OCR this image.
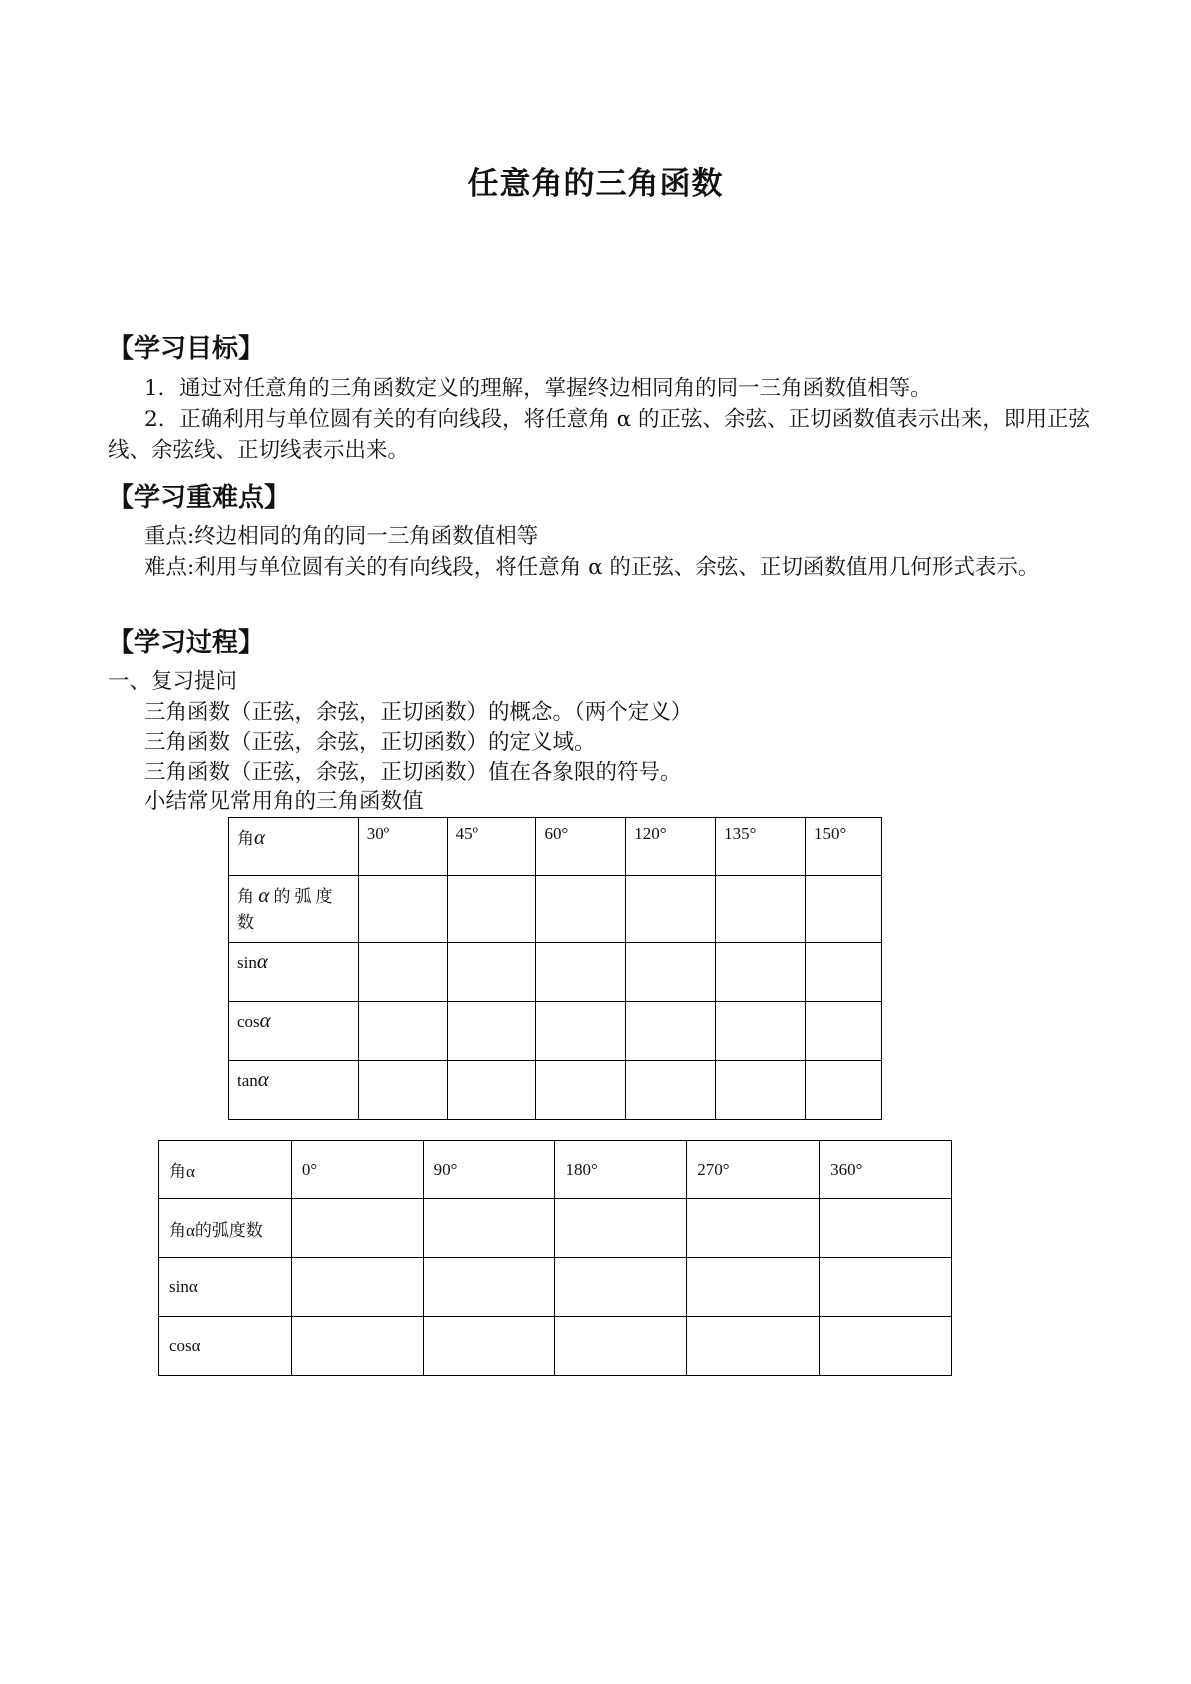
任意角的三角函数
【学习目标】
1．通过对任意角的三角函数定义的理解，掌握终边相同角的同一三角函数值相等。
2．正确利用与单位圆有关的有向线段，将任意角 α 的正弦、余弦、正切函数值表示出来，即用正弦线、余弦线、正切线表示出来。
【学习重难点】
重点:终边相同的角的同一三角函数值相等
难点:利用与单位圆有关的有向线段，将任意角 α 的正弦、余弦、正切函数值用几何形式表示。
【学习过程】
一、复习提问
三角函数（正弦，余弦，正切函数）的概念。（两个定义）
三角函数（正弦，余弦，正切函数）的定义域。
三角函数（正弦，余弦，正切函数）值在各象限的符号。
小结常见常用角的三角函数值
角α	30º	45º	60°	120°	135°	150°
角 α 的弧度数						
sinα						
cosα						
tanα						
角α	0°	90°	180°	270°	360°
角α的弧度数					
sinα					
cosα					
